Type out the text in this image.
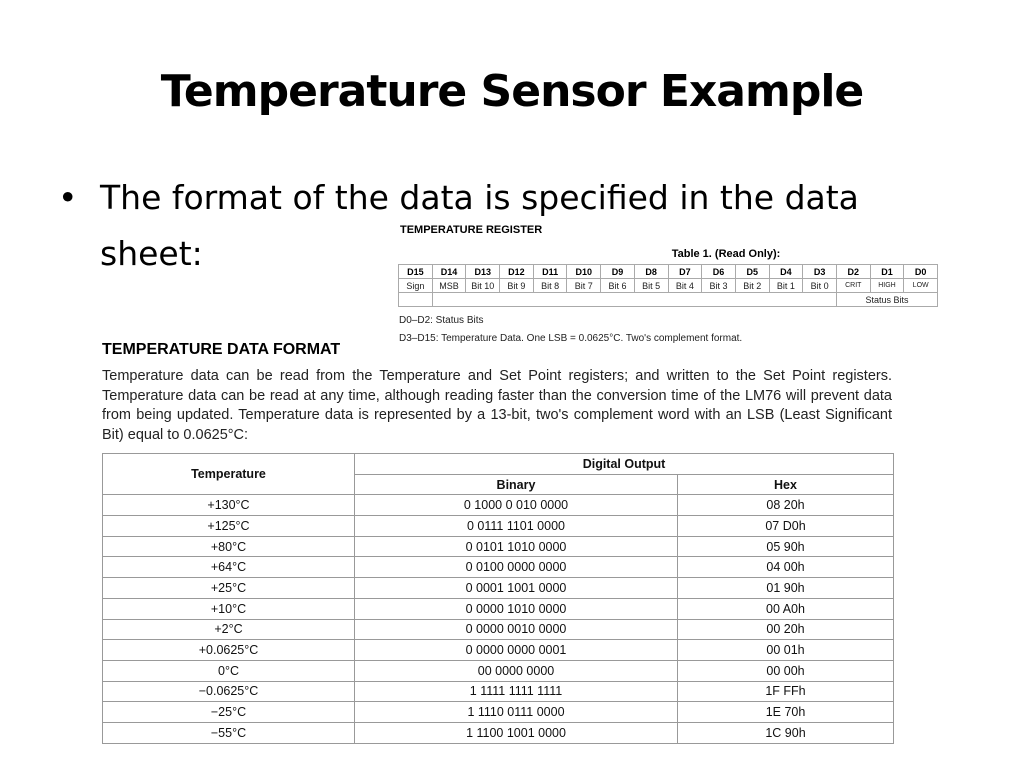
Temperature Sensor Example
• The format of the data is specified in the data sheet:
TEMPERATURE REGISTER
Table 1. (Read Only):
D15	D14	D13	D12	D11	D10	D9	D8	D7	D6	D5	D4	D3	D2	D1	D0
Sign	MSB	Bit 10	Bit 9	Bit 8	Bit 7	Bit 6	Bit 5	Bit 4	Bit 3	Bit 2	Bit 1	Bit 0	CRIT	HIGH	LOW
													Status Bits		
D0–D2: Status Bits
D3–D15: Temperature Data. One LSB = 0.0625°C. Two's complement format.
TEMPERATURE DATA FORMAT
Temperature data can be read from the Temperature and Set Point registers; and written to the Set Point registers. Temperature data can be read at any time, although reading faster than the conversion time of the LM76 will prevent data from being updated. Temperature data is represented by a 13-bit, two's complement word with an LSB (Least Significant Bit) equal to 0.0625°C:
Temperature	Digital Output	
	Binary	Hex
+130°C	0 1000 0 010 0000	08 20h
+125°C	0 0111 1101 0000	07 D0h
+80°C	0 0101 1010 0000	05 90h
+64°C	0 0100 0000 0000	04 00h
+25°C	0 0001 1001 0000	01 90h
+10°C	0 0000 1010 0000	00 A0h
+2°C	0 0000 0010 0000	00 20h
+0.0625°C	0 0000 0000 0001	00 01h
0°C	00 0000 0000	00 00h
−0.0625°C	1 1111 1111 1111	1F FFh
−25°C	1 1110 0111 0000	1E 70h
−55°C	1 1100 1001 0000	1C 90h
